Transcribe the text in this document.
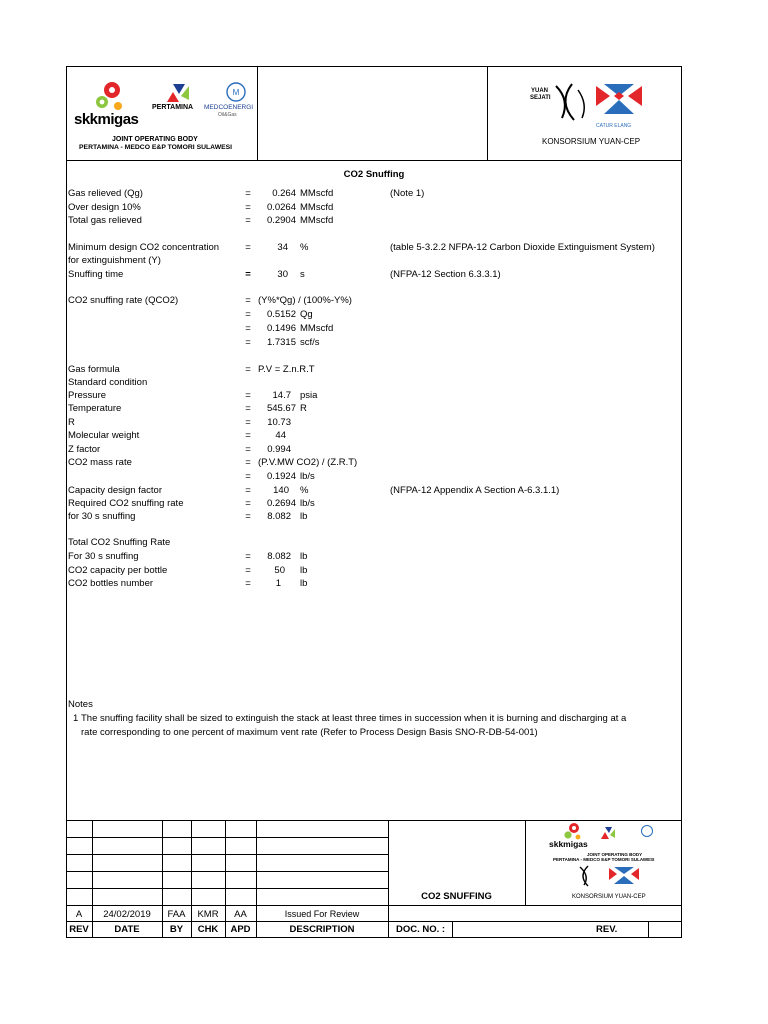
skkmigas
PERTAMINA
M
MEDCOENERGI
Oil&Gas
JOINT OPERATING BODY
PERTAMINA - MEDCO E&P TOMORI SULAWESI
YUAN
SEJATI
CATUR ELANG
KONSORSIUM YUAN-CEP
CO2 Snuffing
Gas relieved (Qg)	=	0.264 MMscfd	(Note 1)
Over design 10%	=	0.0264 MMscfd
Total gas relieved	=	0.2904 MMscfd
Minimum design CO2 concentration	=	34 %	(table 5-3.2.2 NFPA-12 Carbon Dioxide Extinguisment System)
for extinguishment (Y)
Snuffing time	=	30 s	(NFPA-12 Section 6.3.3.1)
CO2 snuffing rate (QCO2)	= (Y%*Qg) / (100%-Y%)
=	0.5152 Qg
=	0.1496 MMscfd
=	1.7315 scf/s
Gas formula	= P.V = Z.n.R.T
Standard condition
Pressure	=	14.7 psia
Temperature	=	545.67 R
R	=	10.73
Molecular weight	=	44
Z factor	=	0.994
CO2 mass rate	= (P.V.MW CO2) / (Z.R.T)
=	0.1924 lb/s
Capacity design factor	=	140 %	(NFPA-12 Appendix A Section A-6.3.1.1)
Required CO2 snuffing rate	=	0.2694 lb/s
for 30 s snuffing	=	8.082 lb
Total CO2 Snuffing Rate
For 30 s snuffing	=	8.082 lb
CO2 capacity per bottle	=	50 lb
CO2 bottles number	=	1 lb
Notes
1 The snuffing facility shall be sized to extinguish the stack at least three times in succession when it is burning and discharging at a
rate corresponding to one percent of maximum vent rate (Refer to Process Design Basis SNO-R-DB-54-001)
A	24/02/2019	FAA	KMR	AA	Issued For Review
REV	DATE	BY	CHK	APD	DESCRIPTION	DOC. NO. :	REV.
CO2 SNUFFING
skkmigas
JOINT OPERATING BODY
PERTAMINA - MEDCO E&P TOMORI SULAWESI
KONSORSIUM YUAN-CEP
